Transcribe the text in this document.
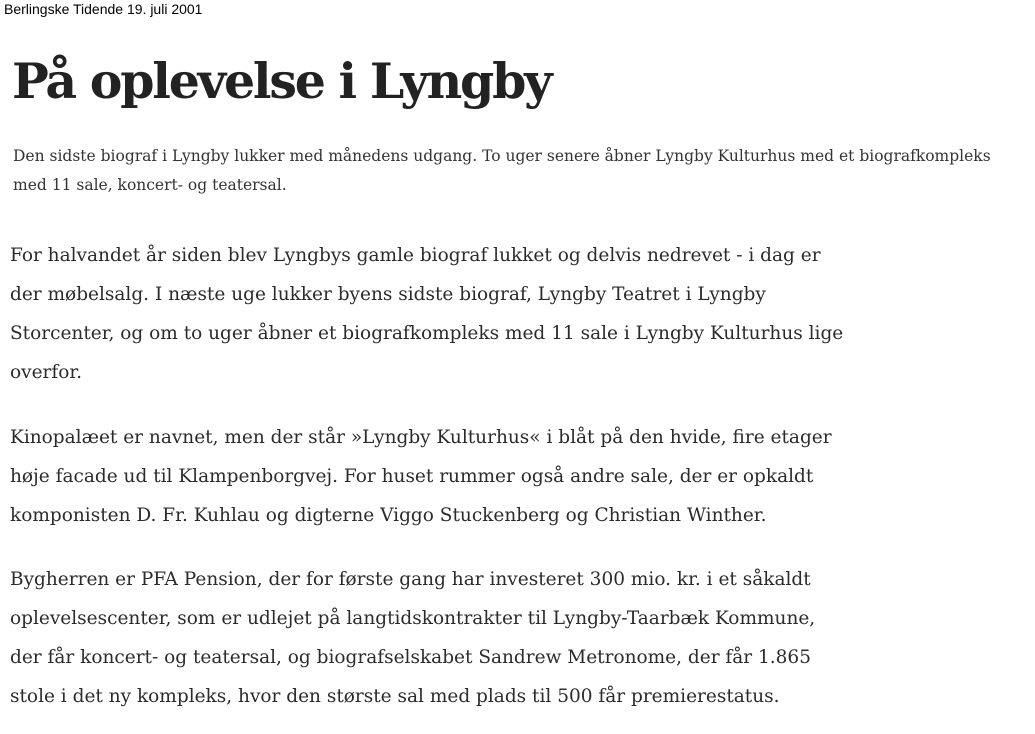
Berlingske Tidende 19. juli 2001
På oplevelse i Lyngby

Den sidste biograf i Lyngby lukker med månedens udgang. To uger senere åbner Lyngby Kulturhus med et biografkompleks
med 11 sale, koncert- og teatersal.

For halvandet år siden blev Lyngbys gamle biograf lukket og delvis nedrevet - i dag er
der møbelsalg. I næste uge lukker byens sidste biograf, Lyngby Teatret i Lyngby
Storcenter, og om to uger åbner et biografkompleks med 11 sale i Lyngby Kulturhus lige
overfor.

Kinopalæet er navnet, men der står »Lyngby Kulturhus« i blåt på den hvide, fire etager
høje facade ud til Klampenborgvej. For huset rummer også andre sale, der er opkaldt
komponisten D. Fr. Kuhlau og digterne Viggo Stuckenberg og Christian Winther.

Bygherren er PFA Pension, der for første gang har investeret 300 mio. kr. i et såkaldt
oplevelsescenter, som er udlejet på langtidskontrakter til Lyngby-Taarbæk Kommune,
der får koncert- og teatersal, og biografselskabet Sandrew Metronome, der får 1.865
stole i det ny kompleks, hvor den største sal med plads til 500 får premierestatus.
